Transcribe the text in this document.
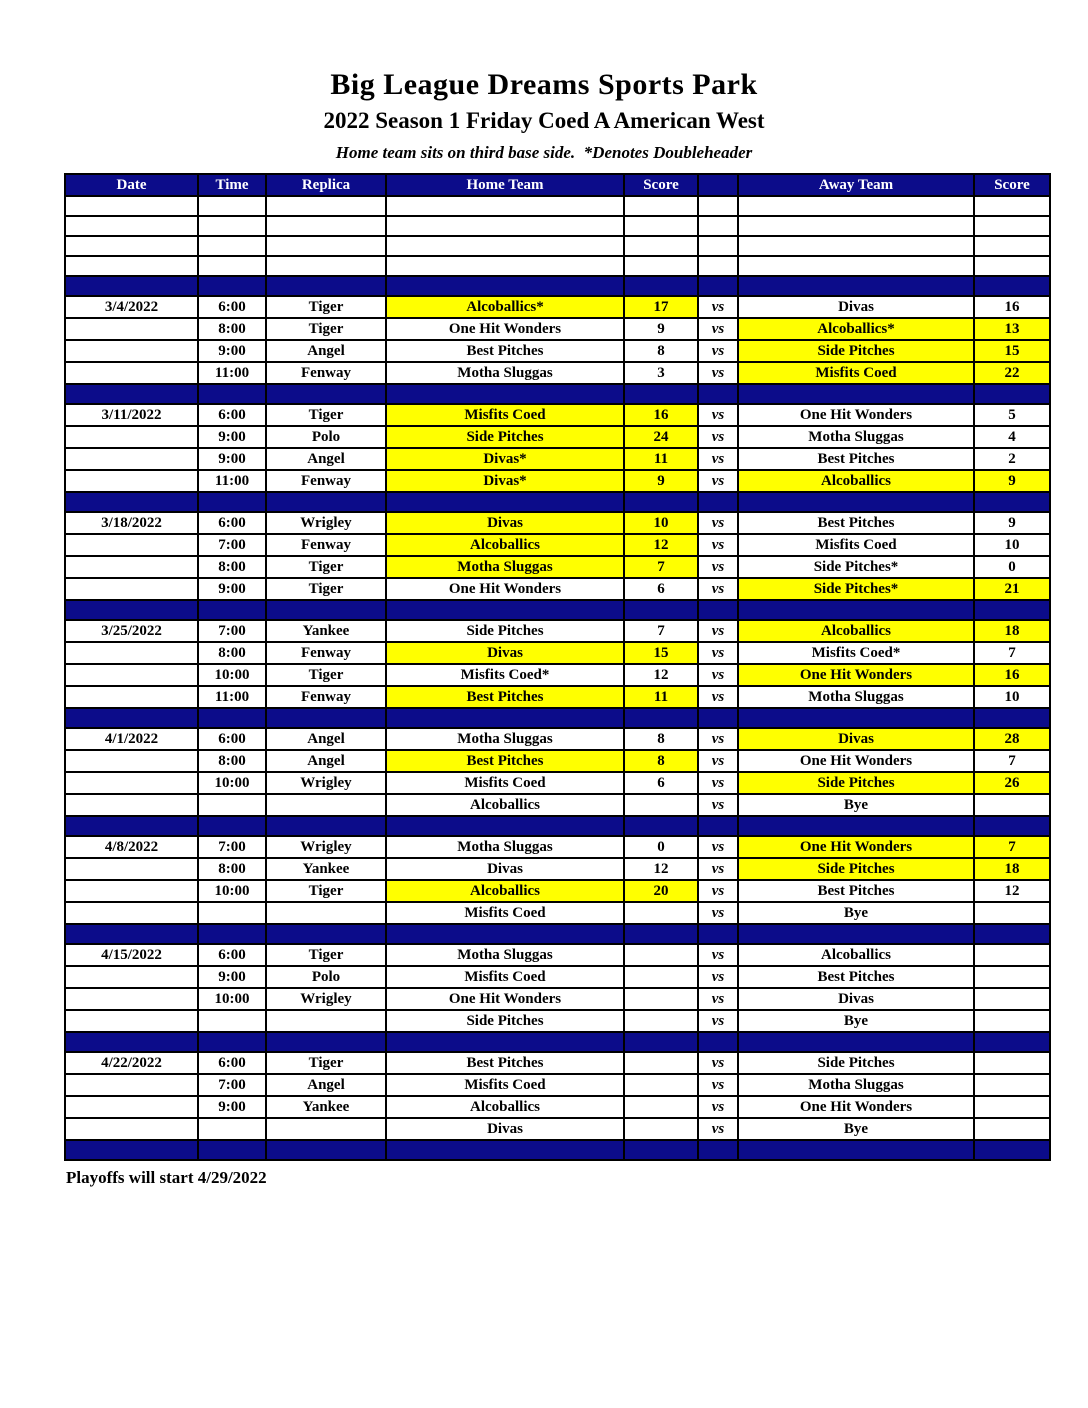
Big League Dreams Sports Park
2022 Season 1 Friday Coed A American West
Home team sits on third base side.  *Denotes Doubleheader
Date	Time	Replica	Home Team	Score		Away Team	Score

3/4/2022	6:00	Tiger	Alcoballics*	17	vs	Divas	16
	8:00	Tiger	One Hit Wonders	9	vs	Alcoballics*	13
	9:00	Angel	Best Pitches	8	vs	Side Pitches	15
	11:00	Fenway	Motha Sluggas	3	vs	Misfits Coed	22

3/11/2022	6:00	Tiger	Misfits Coed	16	vs	One Hit Wonders	5
	9:00	Polo	Side Pitches	24	vs	Motha Sluggas	4
	9:00	Angel	Divas*	11	vs	Best Pitches	2
	11:00	Fenway	Divas*	9	vs	Alcoballics	9

3/18/2022	6:00	Wrigley	Divas	10	vs	Best Pitches	9
	7:00	Fenway	Alcoballics	12	vs	Misfits Coed	10
	8:00	Tiger	Motha Sluggas	7	vs	Side Pitches*	0
	9:00	Tiger	One Hit Wonders	6	vs	Side Pitches*	21

3/25/2022	7:00	Yankee	Side Pitches	7	vs	Alcoballics	18
	8:00	Fenway	Divas	15	vs	Misfits Coed*	7
	10:00	Tiger	Misfits Coed*	12	vs	One Hit Wonders	16
	11:00	Fenway	Best Pitches	11	vs	Motha Sluggas	10

4/1/2022	6:00	Angel	Motha Sluggas	8	vs	Divas	28
	8:00	Angel	Best Pitches	8	vs	One Hit Wonders	7
	10:00	Wrigley	Misfits Coed	6	vs	Side Pitches	26
			Alcoballics		vs	Bye	

4/8/2022	7:00	Wrigley	Motha Sluggas	0	vs	One Hit Wonders	7
	8:00	Yankee	Divas	12	vs	Side Pitches	18
	10:00	Tiger	Alcoballics	20	vs	Best Pitches	12
			Misfits Coed		vs	Bye	

4/15/2022	6:00	Tiger	Motha Sluggas		vs	Alcoballics	
	9:00	Polo	Misfits Coed		vs	Best Pitches	
	10:00	Wrigley	One Hit Wonders		vs	Divas	
			Side Pitches		vs	Bye	

4/22/2022	6:00	Tiger	Best Pitches		vs	Side Pitches	
	7:00	Angel	Misfits Coed		vs	Motha Sluggas	
	9:00	Yankee	Alcoballics		vs	One Hit Wonders	
			Divas		vs	Bye	

Playoffs will start 4/29/2022
